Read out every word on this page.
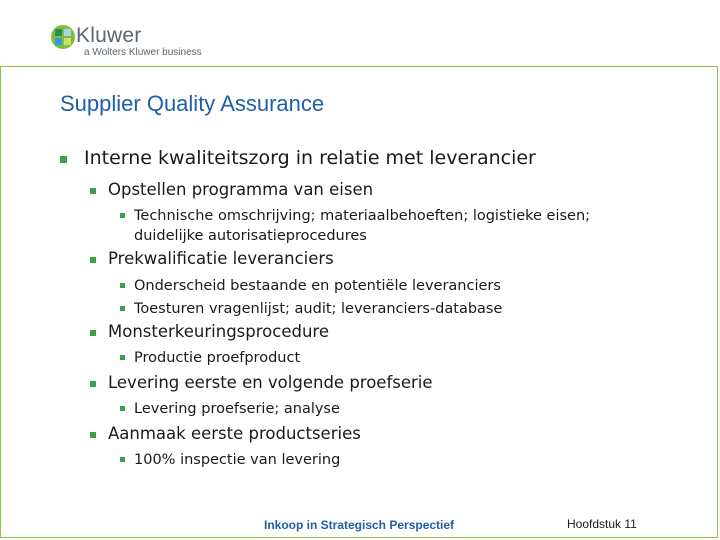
Kluwer
a Wolters Kluwer business
Supplier Quality Assurance
Interne kwaliteitszorg in relatie met leverancier
Opstellen programma van eisen
Technische omschrijving; materiaalbehoeften; logistieke eisen; duidelijke autorisatieprocedures
Prekwalificatie leveranciers
Onderscheid bestaande en potentiële leveranciers
Toesturen vragenlijst; audit; leveranciers-database
Monsterkeuringsprocedure
Productie proefproduct
Levering eerste en volgende proefserie
Levering proefserie; analyse
Aanmaak eerste productseries
100% inspectie van levering
Inkoop in Strategisch Perspectief	Hoofdstuk 11
